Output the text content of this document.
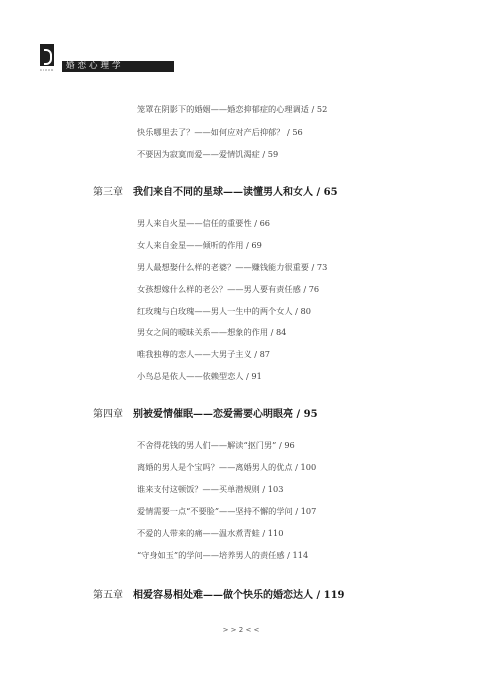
CIXXO	婚恋心理学
笼罩在阴影下的婚姻——婚恋抑郁症的心理调适 / 52
快乐哪里去了？——如何应对产后抑郁？ / 56
不要因为寂寞而爱——爱情饥渴症 / 59
第三章 我们来自不同的星球——读懂男人和女人 / 65
男人来自火星——信任的重要性 / 66
女人来自金星——倾听的作用 / 69
男人最想娶什么样的老婆？——赚钱能力很重要 / 73
女孩想嫁什么样的老公？——男人要有责任感 / 76
红玫瑰与白玫瑰——男人一生中的两个女人 / 80
男女之间的暧昧关系——想象的作用 / 84
唯我独尊的恋人——大男子主义 / 87
小鸟总是依人——依赖型恋人 / 91
第四章 别被爱情催眠——恋爱需要心明眼亮 / 95
不舍得花钱的男人们——解读“抠门男” / 96
离婚的男人是个宝吗？——离婚男人的优点 / 100
谁来支付这顿饭？——买单潜规则 / 103
爱情需要一点“不要脸”——坚持不懈的学问 / 107
不爱的人带来的痛——温水煮青蛙 / 110
“守身如玉”的学问——培养男人的责任感 / 114
第五章 相爱容易相处难——做个快乐的婚恋达人 / 119
> > 2 < <
